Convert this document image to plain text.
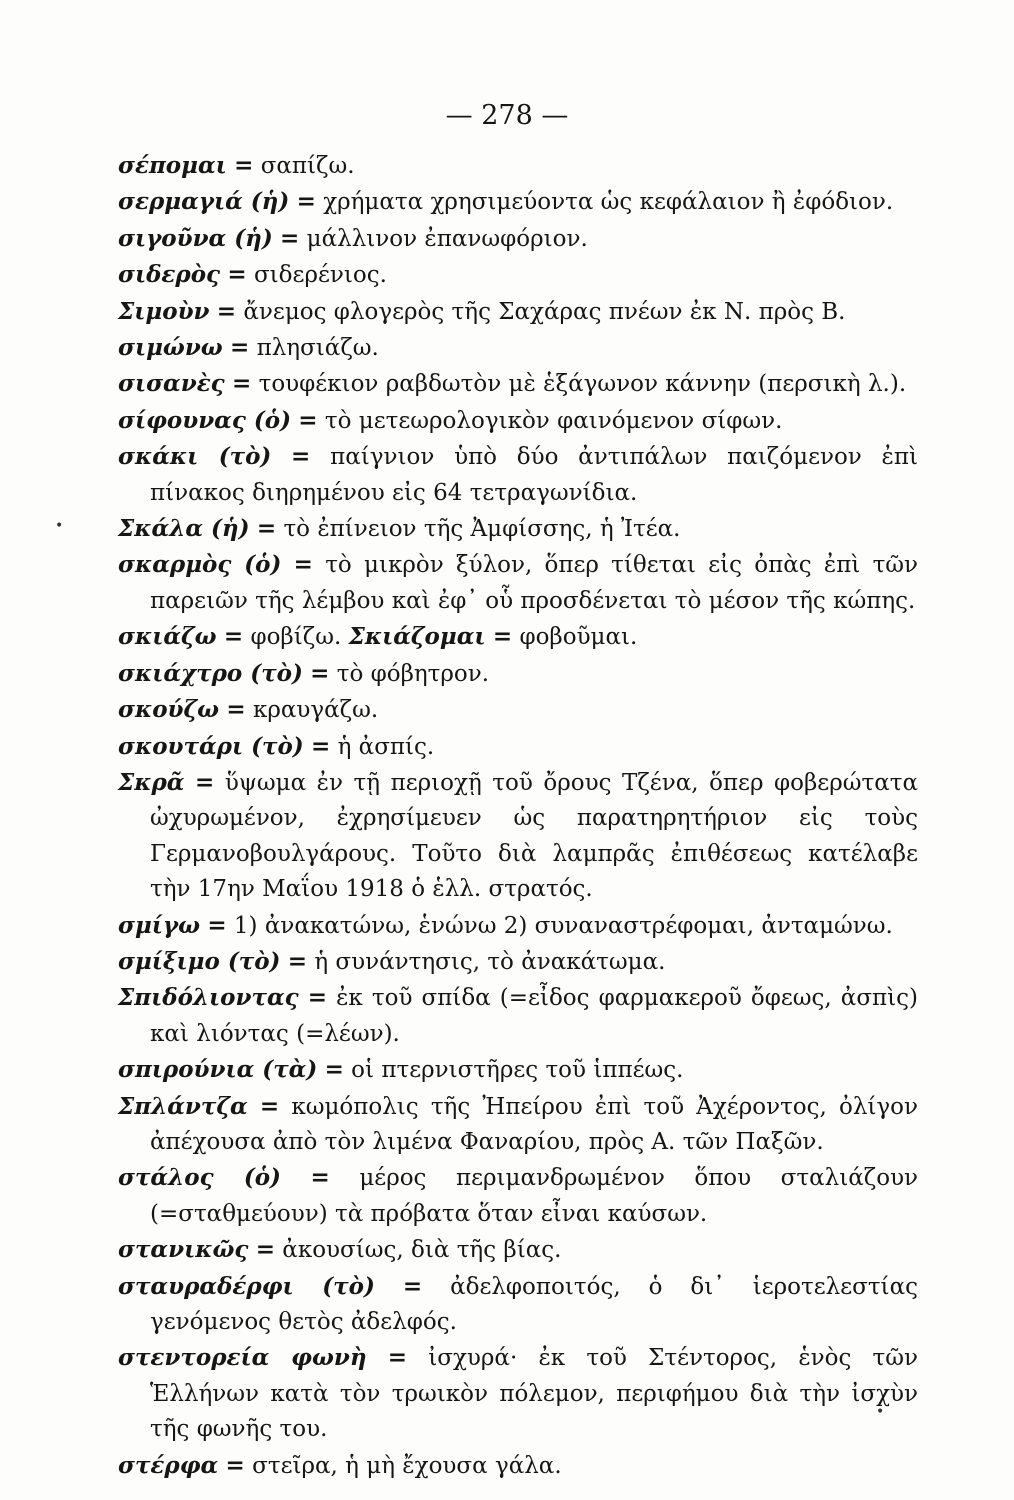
— 278 —
σέπομαι = σαπίζω.
σερμαγιά (ἡ) = χρήματα χρησιμεύοντα ὡς κεφάλαιον ἢ ἐφόδιον.
σιγοῦνα (ἡ) = μάλλινον ἐπανωφόριον.
σιδερὸς = σιδερένιος.
Σιμοὺν = ἄνεμος φλογερὸς τῆς Σαχάρας πνέων ἐκ Ν. πρὸς Β.
σιμώνω = πλησιάζω.
σισανὲς = τουφέκιον ραβδωτὸν μὲ ἑξάγωνον κάννην (περσικὴ λ.).
σίφουνας (ὁ) = τὸ μετεωρολογικὸν φαινόμενον σίφων.
σκάκι (τὸ) = παίγνιον ὑπὸ δύο ἀντιπάλων παιζόμενον ἐπὶ πίνακος διηρημένου εἰς 64 τετραγωνίδια.
Σκάλα (ἡ) = τὸ ἐπίνειον τῆς Ἀμφίσσης, ἡ Ἰτέα.
σκαρμὸς (ὁ) = τὸ μικρὸν ξύλον, ὅπερ τίθεται εἰς ὀπὰς ἐπὶ τῶν παρειῶν τῆς λέμβου καὶ ἐφ᾽ οὗ προσδένεται τὸ μέσον τῆς κώπης.
σκιάζω = φοβίζω. Σκιάζομαι = φοβοῦμαι.
σκιάχτρο (τὸ) = τὸ φόβητρον.
σκούζω = κραυγάζω.
σκουτάρι (τὸ) = ἡ ἀσπίς.
Σκρᾶ = ὕψωμα ἐν τῇ περιοχῇ τοῦ ὄρους Τζένα, ὅπερ φοβερώτατα ὠχυρωμένον, ἐχρησίμευεν ὡς παρατηρητήριον εἰς τοὺς Γερμανοβουλγάρους. Τοῦτο διὰ λαμπρᾶς ἐπιθέσεως κατέλαβε τὴν 17ην Μαΐου 1918 ὁ ἑλλ. στρατός.
σμίγω = 1) ἀνακατώνω, ἑνώνω 2) συναναστρέφομαι, ἀνταμώνω.
σμίξιμο (τὸ) = ἡ συνάντησις, τὸ ἀνακάτωμα.
Σπιδόλιοντας = ἐκ τοῦ σπίδα (=εἶδος φαρμακεροῦ ὄφεως, ἀσπὶς) καὶ λιόντας (=λέων).
σπιρούνια (τὰ) = οἱ πτερνιστῆρες τοῦ ἱππέως.
Σπλάντζα = κωμόπολις τῆς Ἠπείρου ἐπὶ τοῦ Ἀχέροντος, ὀλίγον ἀπέχουσα ἀπὸ τὸν λιμένα Φαναρίου, πρὸς Α. τῶν Παξῶν.
στάλος (ὁ) = μέρος περιμανδρωμένον ὅπου σταλιάζουν (=σταθμεύουν) τὰ πρόβατα ὅταν εἶναι καύσων.
στανικῶς = ἀκουσίως, διὰ τῆς βίας.
σταυραδέρφι (τὸ) = ἀδελφοποιτός, ὁ δι᾽ ἱεροτελεστίας γενόμενος θετὸς ἀδελφός.
στεντορεία φωνὴ = ἰσχυρά· ἐκ τοῦ Στέντορος, ἑνὸς τῶν Ἑλλήνων κατὰ τὸν τρωικὸν πόλεμον, περιφήμου διὰ τὴν ἰσχὺν τῆς φωνῆς του.
στέρφα = στεῖρα, ἡ μὴ ἔχουσα γάλα.
•
•
